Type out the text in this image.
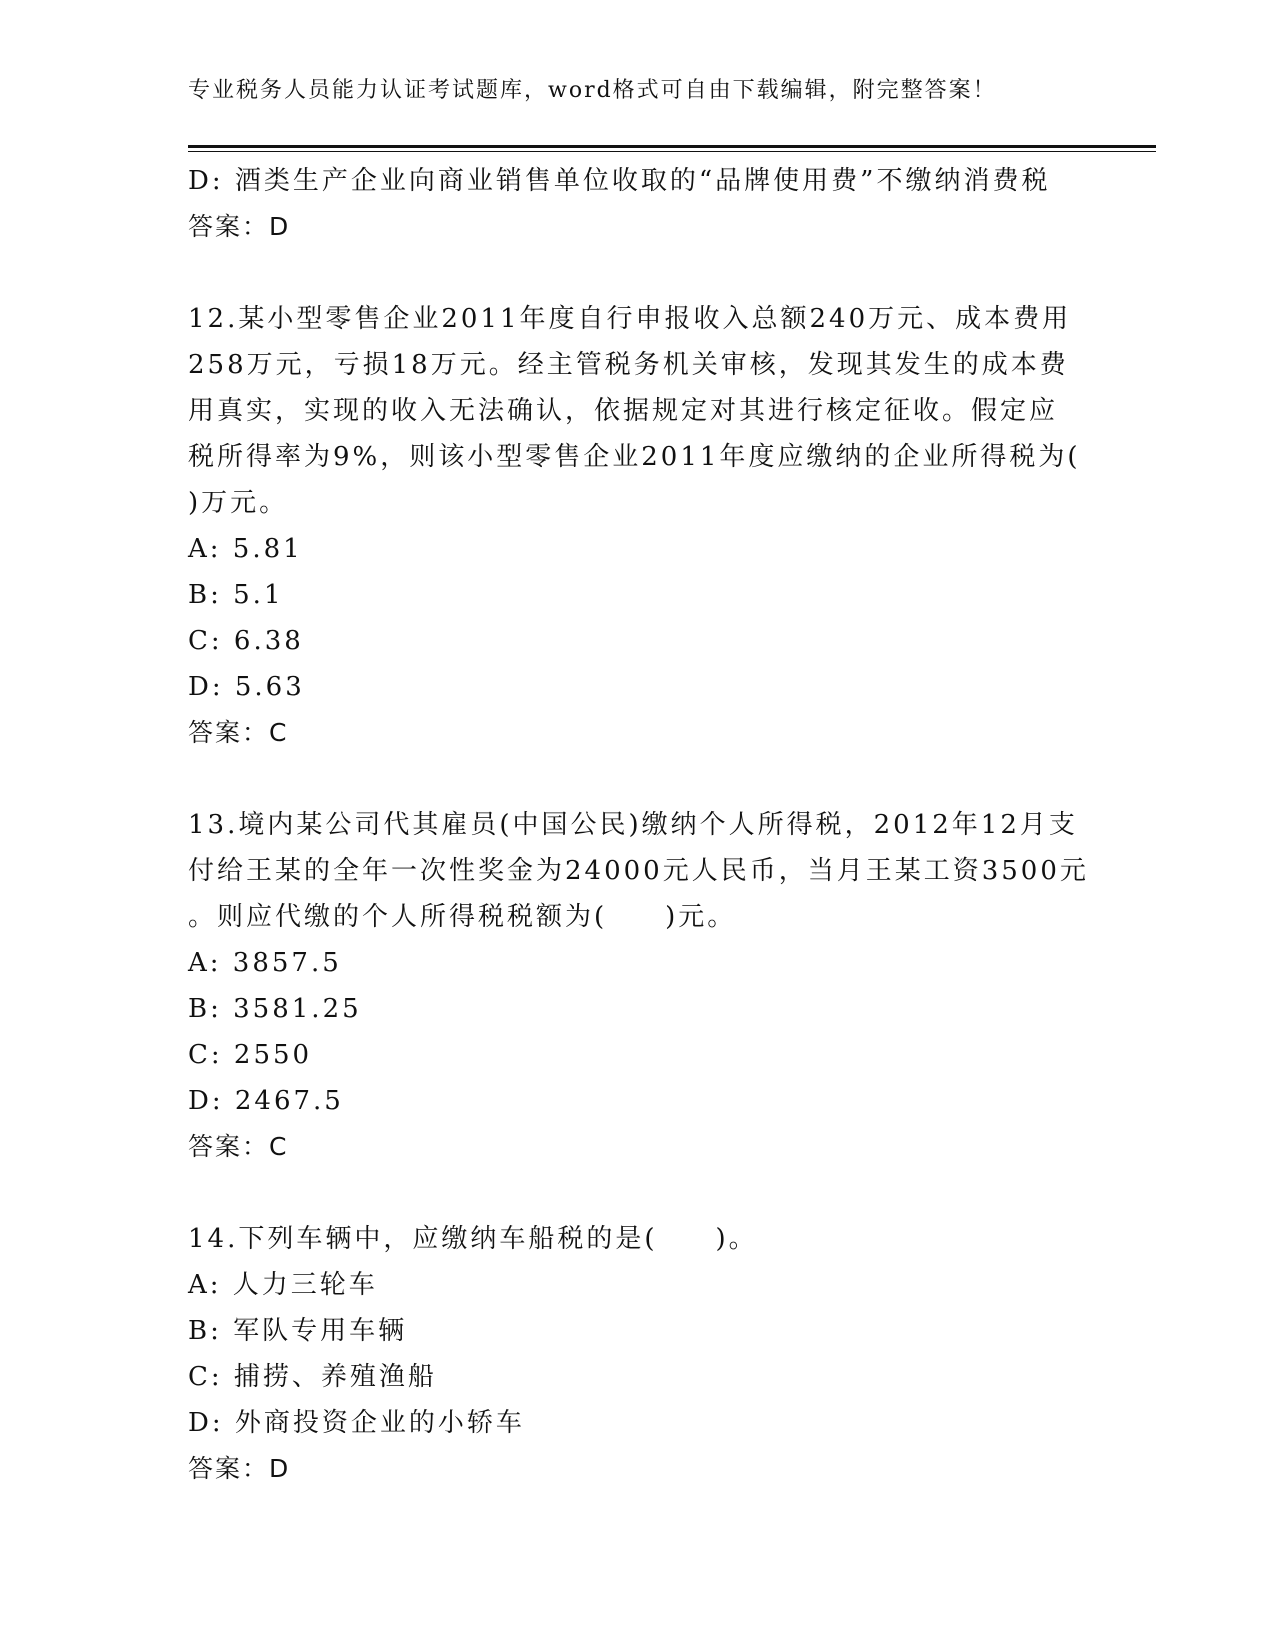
专业税务人员能力认证考试题库，word格式可自由下载编辑，附完整答案！

D: 酒类生产企业向商业销售单位收取的“品牌使用费”不缴纳消费税

答案：D

12.某小型零售企业2011年度自行申报收入总额240万元、成本费用
258万元，亏损18万元。经主管税务机关审核，发现其发生的成本费
用真实，实现的收入无法确认，依据规定对其进行核定征收。假定应
税所得率为9%，则该小型零售企业2011年度应缴纳的企业所得税为(
)万元。

A: 5.81

B: 5.1

C: 6.38

D: 5.63

答案：C

13.境内某公司代其雇员(中国公民)缴纳个人所得税，2012年12月支
付给王某的全年一次性奖金为24000元人民币，当月王某工资3500元
。则应代缴的个人所得税税额为(　　)元。

A: 3857.5

B: 3581.25

C: 2550

D: 2467.5

答案：C

14.下列车辆中，应缴纳车船税的是(　　)。

A: 人力三轮车

B: 军队专用车辆

C: 捕捞、养殖渔船

D: 外商投资企业的小轿车

答案：D
